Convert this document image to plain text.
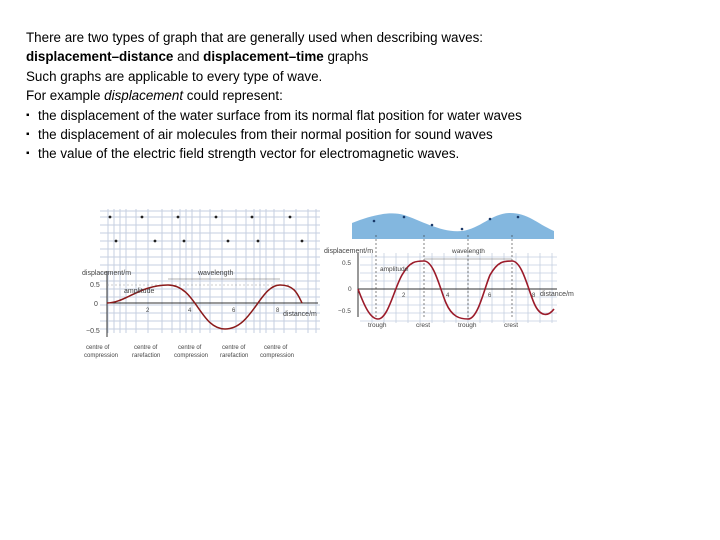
There are two types of graph that are generally used when describing waves:

displacement–distance and displacement–time graphs

Such graphs are applicable to every type of wave.

For example displacement could represent:

▪ the displacement of the water surface from its normal flat position for water waves

▪ the displacement of air molecules from their normal position for sound waves

▪ the value of the electric field strength vector for electromagnetic waves.

displacement/m	wavelength
amplitude
0.5
0
−0.5
2	4	6	8 distance/m
centre of
compression
centre of
rarefaction
centre of
compression
centre of
rarefaction
centre of
compression
displacement/m	wavelength
amplitude
0.5
0
−0.5
2	4	6	8 distance/m
trough	crest	trough	crest
